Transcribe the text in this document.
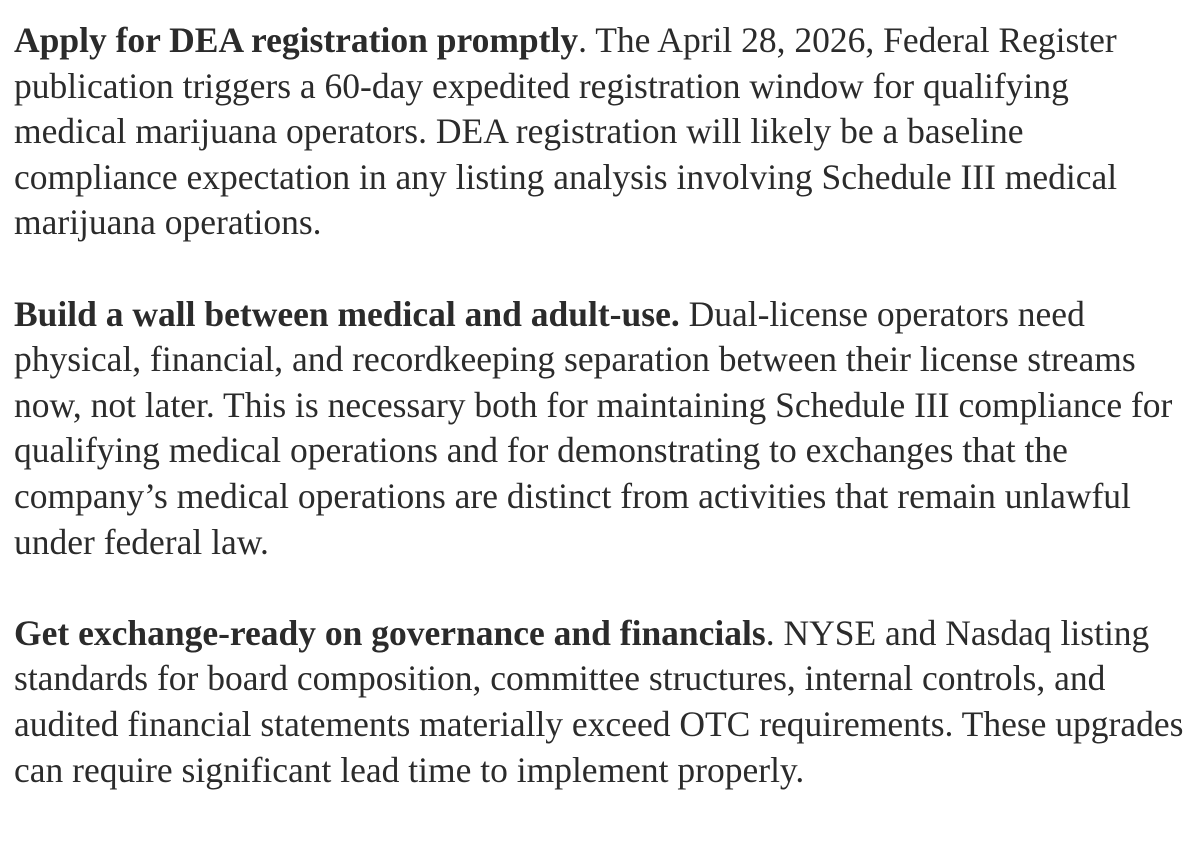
Apply for DEA registration promptly. The April 28, 2026, Federal Register publication triggers a 60-day expedited registration window for qualifying medical marijuana operators. DEA registration will likely be a baseline compliance expectation in any listing analysis involving Schedule III medical marijuana operations.

Build a wall between medical and adult-use. Dual-license operators need physical, financial, and recordkeeping separation between their license streams now, not later. This is necessary both for maintaining Schedule III compliance for qualifying medical operations and for demonstrating to exchanges that the company’s medical operations are distinct from activities that remain unlawful under federal law.

Get exchange-ready on governance and financials. NYSE and Nasdaq listing standards for board composition, committee structures, internal controls, and audited financial statements materially exceed OTC requirements. These upgrades can require significant lead time to implement properly.
